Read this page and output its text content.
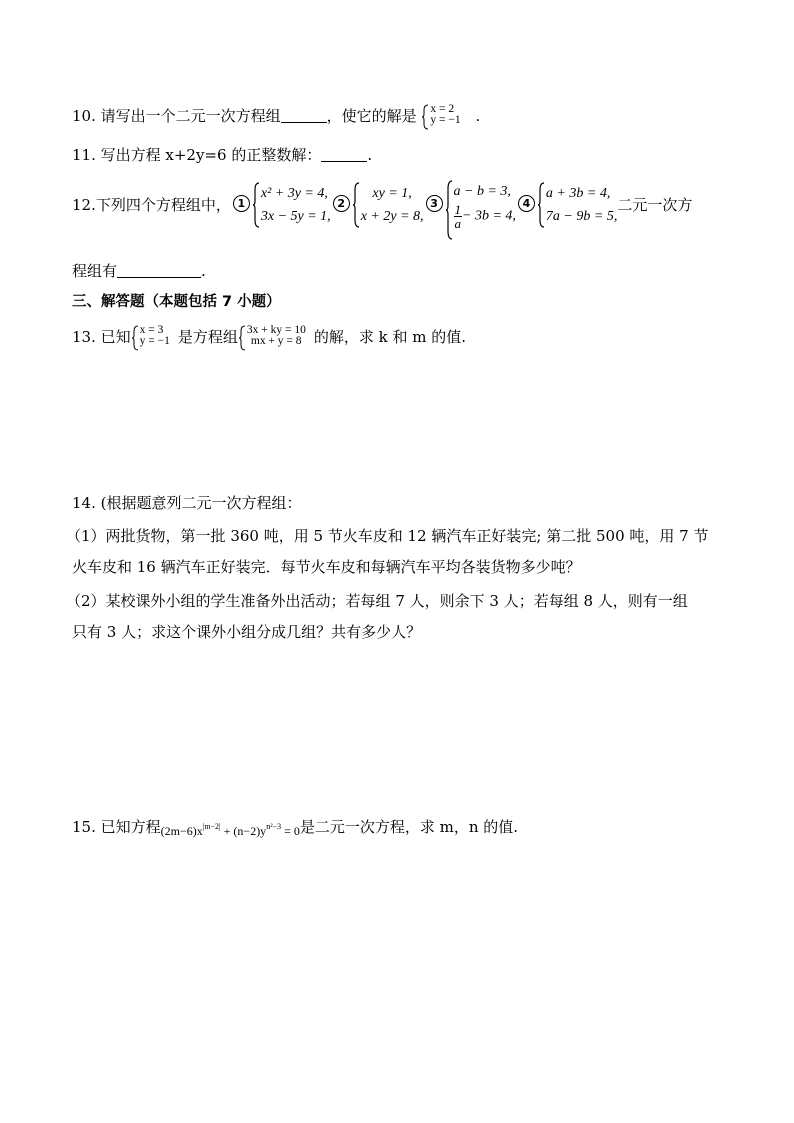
10. 请写出一个二元一次方程组	，使它的解是 x = 2
y = −1 .
11. 写出方程 x+2y=6 的正整数解：	.
12.下列四个方程组中， 1
x² + 3y = 4,
3x − 5y = 1,
2
xy = 1,
x + 2y = 8,
3
a − b = 3,
$\frac{1}{a} - 3b = 4$,
4
a + 3b = 4,
7a − 9b = 5,
二元一次方
程组有	.
三、解答题（本题包括 7 小题）
13. 已知 x = 3
y = −1 是方程组 3x + ky = 10
mx + y = 8 的解，求 k 和 m 的值.
14. (根据题意列二元一次方程组：
（1）两批货物，第一批 360 吨，用 5 节火车皮和 12 辆汽车正好装完; 第二批 500 吨，用 7 节
火车皮和 16 辆汽车正好装完．每节火车皮和每辆汽车平均各装货物多少吨？
（2）某校课外小组的学生准备外出活动；若每组 7 人，则余下 3 人；若每组 8 人，则有一组
只有 3 人；求这个课外小组分成几组？共有多少人？
15. 已知方程$_{(2m-6)x^{|m-2|} + (n-2)y^{n^2-3} = 0}$是二元一次方程，求 m，n 的值.
